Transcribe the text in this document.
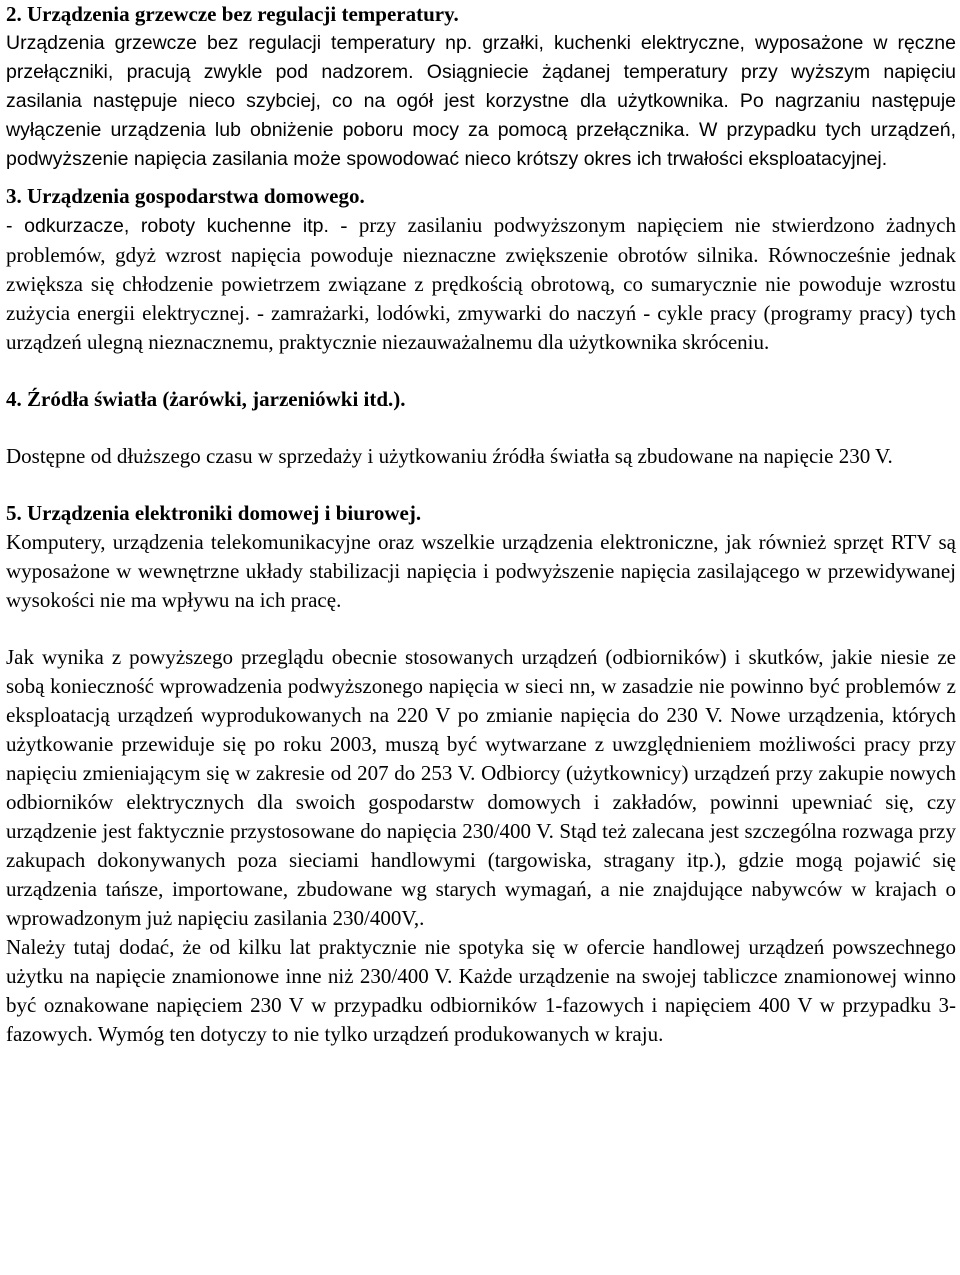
2. Urządzenia grzewcze bez regulacji temperatury.

Urządzenia grzewcze bez regulacji temperatury np. grzałki, kuchenki elektryczne, wyposażone w ręczne przełączniki, pracują zwykle pod nadzorem. Osiągniecie żądanej temperatury przy wyższym napięciu zasilania następuje nieco szybciej, co na ogół jest korzystne dla użytkownika. Po nagrzaniu następuje wyłączenie urządzenia lub obniżenie poboru mocy za pomocą przełącznika. W przypadku tych urządzeń, podwyższenie napięcia zasilania może spowodować nieco krótszy okres ich trwałości eksploatacyjnej.

3. Urządzenia gospodarstwa domowego.

- odkurzacze, roboty kuchenne itp. - przy zasilaniu podwyższonym napięciem nie stwierdzono żadnych problemów, gdyż wzrost napięcia powoduje nieznaczne zwiększenie obrotów silnika. Równocześnie jednak zwiększa się chłodzenie powietrzem związane z prędkością obrotową, co sumarycznie nie powoduje wzrostu zużycia energii elektrycznej. - zamrażarki, lodówki, zmywarki do naczyń - cykle pracy (programy pracy) tych urządzeń ulegną nieznacznemu, praktycznie niezauważalnemu dla użytkownika skróceniu.

4. Źródła światła (żarówki, jarzeniówki itd.).

Dostępne od dłuższego czasu w sprzedaży i użytkowaniu źródła światła są zbudowane na napięcie 230 V.

5. Urządzenia elektroniki domowej i biurowej.

Komputery, urządzenia telekomunikacyjne oraz wszelkie urządzenia elektroniczne, jak również sprzęt RTV są wyposażone w wewnętrzne układy stabilizacji napięcia i podwyższenie napięcia zasilającego w przewidywanej wysokości nie ma wpływu na ich pracę.

Jak wynika z powyższego przeglądu obecnie stosowanych urządzeń (odbiorników) i skutków, jakie niesie ze sobą konieczność wprowadzenia podwyższonego napięcia w sieci nn, w zasadzie nie powinno być problemów z eksploatacją urządzeń wyprodukowanych na 220 V po zmianie napięcia do 230 V. Nowe urządzenia, których użytkowanie przewiduje się po roku 2003, muszą być wytwarzane z uwzględnieniem możliwości pracy przy napięciu zmieniającym się w zakresie od 207 do 253 V. Odbiorcy (użytkownicy) urządzeń przy zakupie nowych odbiorników elektrycznych dla swoich gospodarstw domowych i zakładów, powinni upewniać się, czy urządzenie jest faktycznie przystosowane do napięcia 230/400 V. Stąd też zalecana jest szczególna rozwaga przy zakupach dokonywanych poza sieciami handlowymi (targowiska, stragany itp.), gdzie mogą pojawić się urządzenia tańsze, importowane, zbudowane wg starych wymagań, a nie znajdujące nabywców w krajach o wprowadzonym już napięciu zasilania 230/400V,.

Należy tutaj dodać, że od kilku lat praktycznie nie spotyka się w ofercie handlowej urządzeń powszechnego użytku na napięcie znamionowe inne niż 230/400 V. Każde urządzenie na swojej tabliczce znamionowej winno być oznakowane napięciem 230 V w przypadku odbiorników 1-fazowych i napięciem 400 V w przypadku 3-fazowych. Wymóg ten dotyczy to nie tylko urządzeń produkowanych w kraju.
